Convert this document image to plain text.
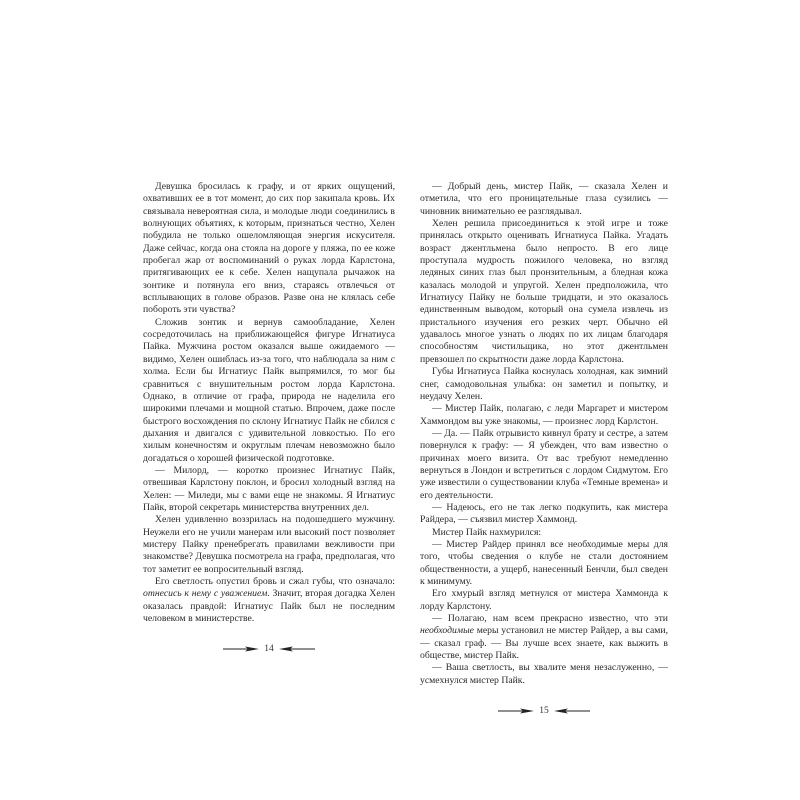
Девушка бросилась к графу, и от ярких ощущений, охвативших ее в тот момент, до сих пор закипала кровь. Их связывала невероятная сила, и молодые люди соединились в волнующих объятиях, к которым, признаться честно, Хелен побудила не только ошеломляющая энергия искусителя. Даже сейчас, когда она стояла на дороге у пляжа, по ее коже пробегал жар от воспоминаний о руках лорда Карлстона, притягивающих ее к себе. Хелен нащупала рычажок на зонтике и потянула его вниз, стараясь отвлечься от всплывающих в голове образов. Разве она не клялась себе побороть эти чувства?

Сложив зонтик и вернув самообладание, Хелен сосредоточилась на приближающейся фигуре Игнатиуса Пайка. Мужчина ростом оказался выше ожидаемого — видимо, Хелен ошиблась из-за того, что наблюдала за ним с холма. Если бы Игнатиус Пайк выпрямился, то мог бы сравниться с внушительным ростом лорда Карлстона. Однако, в отличие от графа, природа не наделила его широкими плечами и мощной статью. Впрочем, даже после быстрого восхождения по склону Игнатиус Пайк не сбился с дыхания и двигался с удивительной ловкостью. По его хилым конечностям и округлым плечам невозможно было догадаться о хорошей физической подготовке.

— Милорд, — коротко произнес Игнатиус Пайк, отвешивая Карлстону поклон, и бросил холодный взгляд на Хелен: — Миледи, мы с вами еще не знакомы. Я Игнатиус Пайк, второй секретарь министерства внутренних дел.

Хелен удивленно воззрилась на подошедшего мужчину. Неужели его не учили манерам или высокий пост позволяет мистеру Пайку пренебрегать правилами вежливости при знакомстве? Девушка посмотрела на графа, предполагая, что тот заметит ее вопросительный взгляд.

Его светлость опустил бровь и сжал губы, что означало: отнесись к нему с уважением. Значит, вторая догадка Хелен оказалась правдой: Игнатиус Пайк был не последним человеком в министерстве.

14

— Добрый день, мистер Пайк, — сказала Хелен и отметила, что его проницательные глаза сузились — чиновник внимательно ее разглядывал.

Хелен решила присоединиться к этой игре и тоже принялась открыто оценивать Игнатиуса Пайка. Угадать возраст джентльмена было непросто. В его лице проступала мудрость пожилого человека, но взгляд ледяных синих глаз был пронзительным, а бледная кожа казалась молодой и упругой. Хелен предположила, что Игнатиусу Пайку не больше тридцати, и это оказалось единственным выводом, который она сумела извлечь из пристального изучения его резких черт. Обычно ей удавалось многое узнать о людях по их лицам благодаря способностям чистильщика, но этот джентльмен превзошел по скрытности даже лорда Карлстона.

Губы Игнатиуса Пайка коснулась холодная, как зимний снег, самодовольная улыбка: он заметил и попытку, и неудачу Хелен.

— Мистер Пайк, полагаю, с леди Маргарет и мистером Хаммондом вы уже знакомы, — произнес лорд Карлстон.

— Да. — Пайк отрывисто кивнул брату и сестре, а затем повернулся к графу: — Я убежден, что вам известно о причинах моего визита. От вас требуют немедленно вернуться в Лондон и встретиться с лордом Сидмутом. Его уже известили о существовании клуба «Темные времена» и его деятельности.

— Надеюсь, его не так легко подкупить, как мистера Райдера, — съязвил мистер Хаммонд.

Мистер Пайк нахмурился:

— Мистер Райдер принял все необходимые меры для того, чтобы сведения о клубе не стали достоянием общественности, а ущерб, нанесенный Бенчли, был сведен к минимуму.

Его хмурый взгляд метнулся от мистера Хаммонда к лорду Карлстону.

— Полагаю, нам всем прекрасно известно, что эти необходимые меры установил не мистер Райдер, а вы сами, — сказал граф. — Вы лучше всех знаете, как выжить в обществе, мистер Пайк.

— Ваша светлость, вы хвалите меня незаслуженно, — усмехнулся мистер Пайк.

15
